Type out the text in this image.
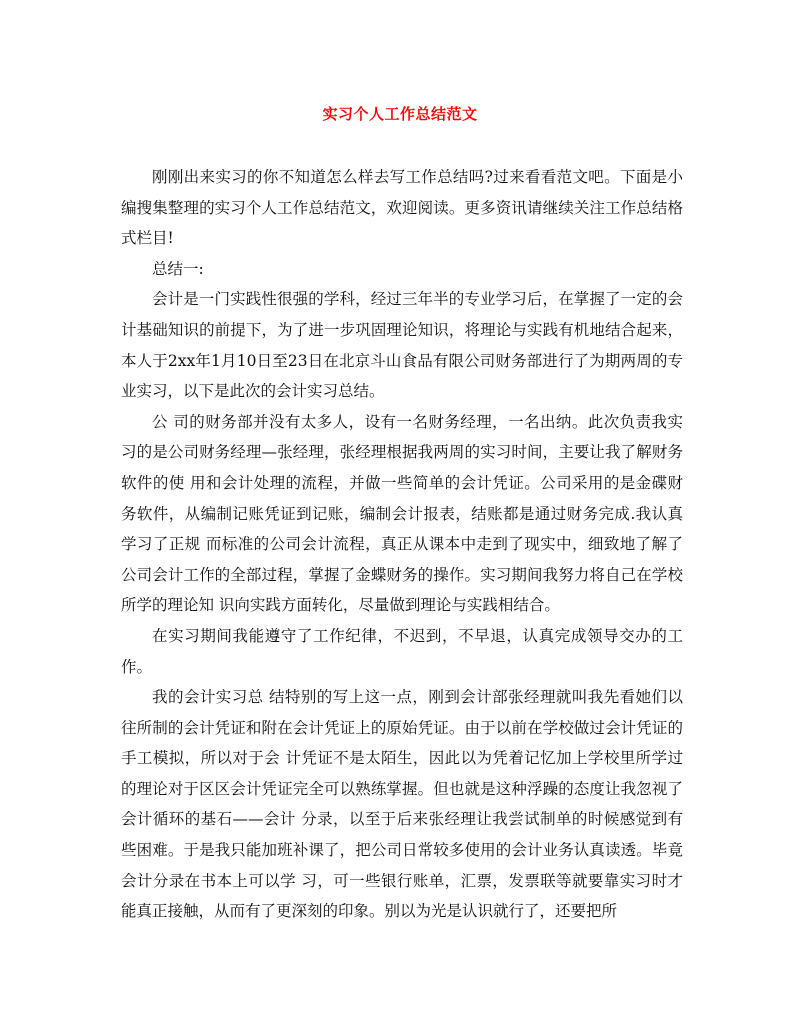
实习个人工作总结范文

刚刚出来实习的你不知道怎么样去写工作总结吗?过来看看范文吧。下面是小编搜集整理的实习个人工作总结范文，欢迎阅读。更多资讯请继续关注工作总结格式栏目!

总结一:

会计是一门实践性很强的学科，经过三年半的专业学习后，在掌握了一定的会计基础知识的前提下，为了进一步巩固理论知识，将理论与实践有机地结合起来，本人于2xx年1月10日至23日在北京斗山食品有限公司财务部进行了为期两周的专业实习，以下是此次的会计实习总结。

公 司的财务部并没有太多人，设有一名财务经理，一名出纳。此次负责我实习的是公司财务经理—张经理，张经理根据我两周的实习时间，主要让我了解财务软件的使 用和会计处理的流程，并做一些简单的会计凭证。公司采用的是金碟财务软件，从编制记账凭证到记账，编制会计报表，结账都是通过财务完成.我认真学习了正规 而标准的公司会计流程，真正从课本中走到了现实中，细致地了解了公司会计工作的全部过程，掌握了金蝶财务的操作。实习期间我努力将自己在学校所学的理论知 识向实践方面转化，尽量做到理论与实践相结合。

在实习期间我能遵守了工作纪律，不迟到，不早退，认真完成领导交办的工作。

我的会计实习总 结特别的写上这一点，刚到会计部张经理就叫我先看她们以往所制的会计凭证和附在会计凭证上的原始凭证。由于以前在学校做过会计凭证的手工模拟，所以对于会 计凭证不是太陌生，因此以为凭着记忆加上学校里所学过的理论对于区区会计凭证完全可以熟练掌握。但也就是这种浮躁的态度让我忽视了会计循环的基石——会计 分录，以至于后来张经理让我尝试制单的时候感觉到有些困难。于是我只能加班补课了，把公司日常较多使用的会计业务认真读透。毕竟会计分录在书本上可以学 习，可一些银行账单，汇票，发票联等就要靠实习时才能真正接触，从而有了更深刻的印象。别以为光是认识就行了，还要把所
